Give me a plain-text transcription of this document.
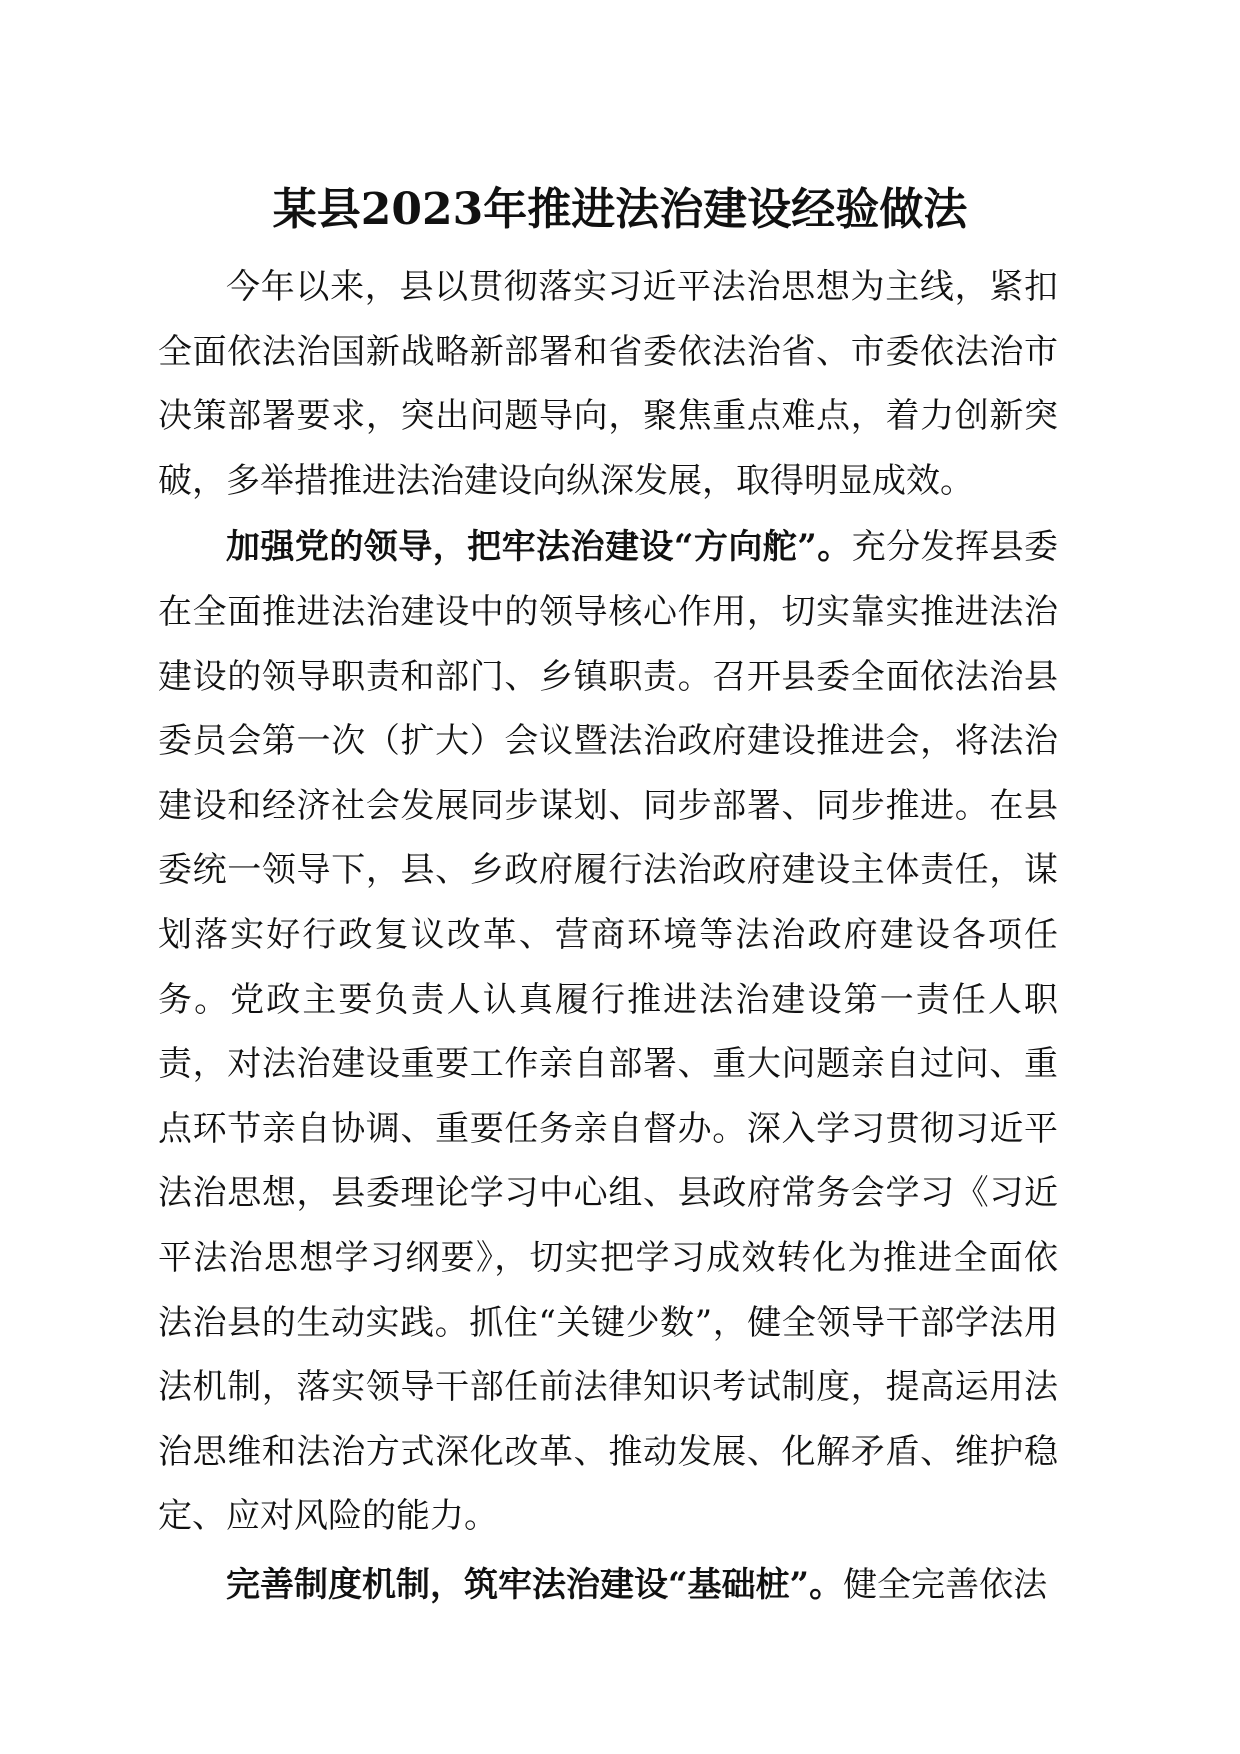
某县2023年推进法治建设经验做法

今年以来，县以贯彻落实习近平法治思想为主线，紧扣全面依法治国新战略新部署和省委依法治省、市委依法治市决策部署要求，突出问题导向，聚焦重点难点，着力创新突破，多举措推进法治建设向纵深发展，取得明显成效。

加强党的领导，把牢法治建设“方向舵”。充分发挥县委在全面推进法治建设中的领导核心作用，切实靠实推进法治建设的领导职责和部门、乡镇职责。召开县委全面依法治县委员会第一次（扩大）会议暨法治政府建设推进会，将法治建设和经济社会发展同步谋划、同步部署、同步推进。在县委统一领导下，县、乡政府履行法治政府建设主体责任，谋划落实好行政复议改革、营商环境等法治政府建设各项任务。党政主要负责人认真履行推进法治建设第一责任人职责，对法治建设重要工作亲自部署、重大问题亲自过问、重点环节亲自协调、重要任务亲自督办。深入学习贯彻习近平法治思想，县委理论学习中心组、县政府常务会学习《习近平法治思想学习纲要》，切实把学习成效转化为推进全面依法治县的生动实践。抓住“关键少数”，健全领导干部学法用法机制，落实领导干部任前法律知识考试制度，提高运用法治思维和法治方式深化改革、推动发展、化解矛盾、维护稳定、应对风险的能力。

完善制度机制，筑牢法治建设“基础桩”。健全完善依法
